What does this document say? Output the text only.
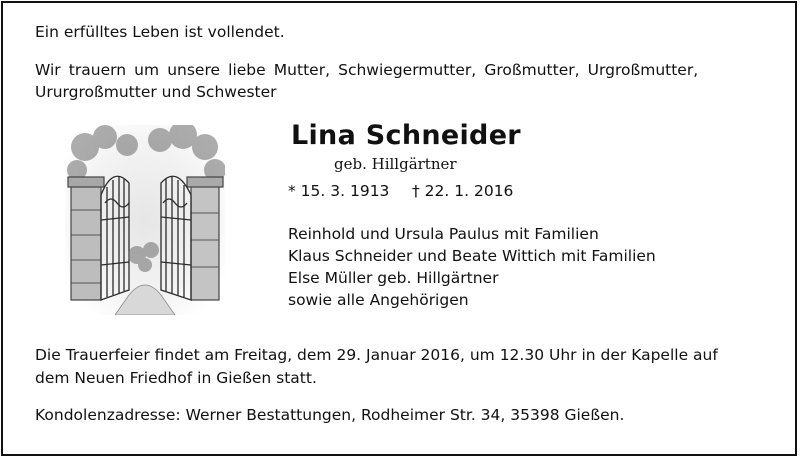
Ein erfülltes Leben ist vollendet.
Wir trauern um unsere liebe Mutter, Schwiegermutter, Großmutter, Urgroßmutter,
Ururgroßmutter und Schwester
Lina Schneider
geb. Hillgärtner
* 15. 3. 1913 † 22. 1. 2016
Reinhold und Ursula Paulus mit Familien
Klaus Schneider und Beate Wittich mit Familien
Else Müller geb. Hillgärtner
sowie alle Angehörigen
Die Trauerfeier findet am Freitag, dem 29. Januar 2016, um 12.30 Uhr in der Kapelle auf
dem Neuen Friedhof in Gießen statt.
Kondolenzadresse: Werner Bestattungen, Rodheimer Str. 34, 35398 Gießen.
